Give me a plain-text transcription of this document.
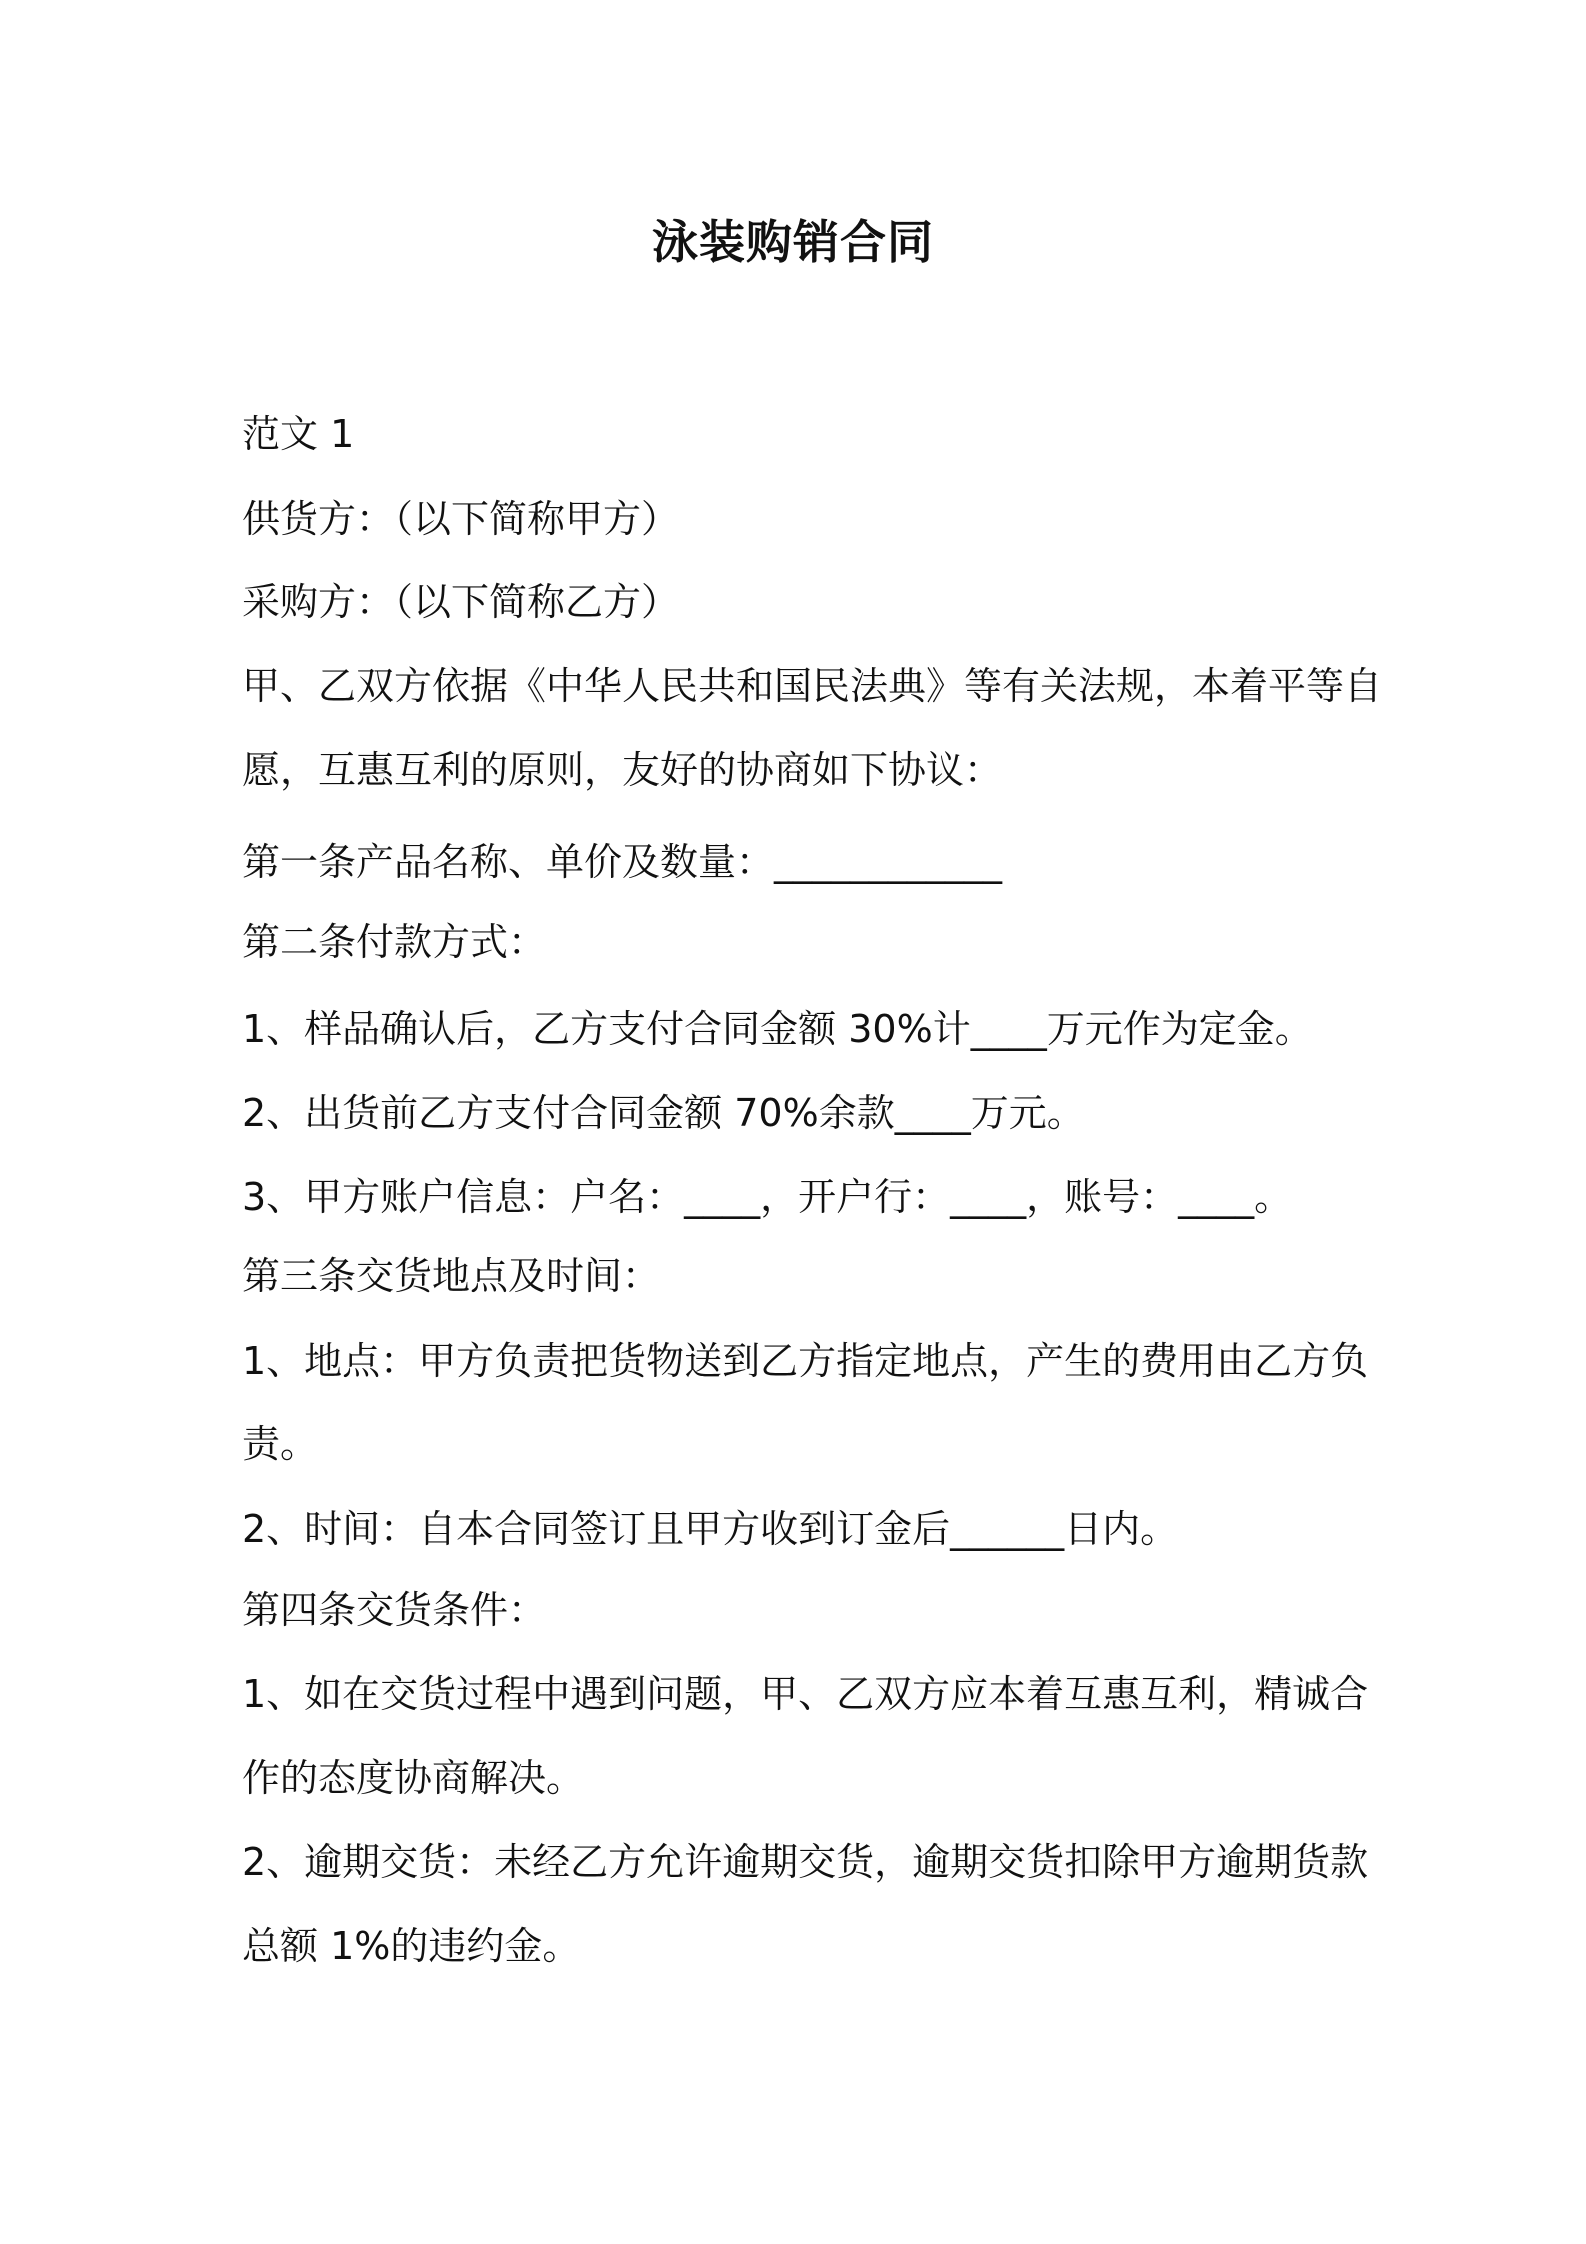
泳装购销合同
范文 1
供货方：（以下简称甲方）
采购方：（以下简称乙方）
甲、乙双方依据《中华人民共和国民法典》等有关法规，本着平等自
愿，互惠互利的原则，友好的协商如下协议：
第一条产品名称、单价及数量：____________
第二条付款方式：
1、样品确认后，乙方支付合同金额 30%计____万元作为定金。
2、出货前乙方支付合同金额 70%余款____万元。
3、甲方账户信息：户名：____，开户行：____，账号：____。
第三条交货地点及时间：
1、地点：甲方负责把货物送到乙方指定地点，产生的费用由乙方负
责。
2、时间：自本合同签订且甲方收到订金后______日内。
第四条交货条件：
1、如在交货过程中遇到问题，甲、乙双方应本着互惠互利，精诚合
作的态度协商解决。
2、逾期交货：未经乙方允许逾期交货，逾期交货扣除甲方逾期货款
总额 1%的违约金。
